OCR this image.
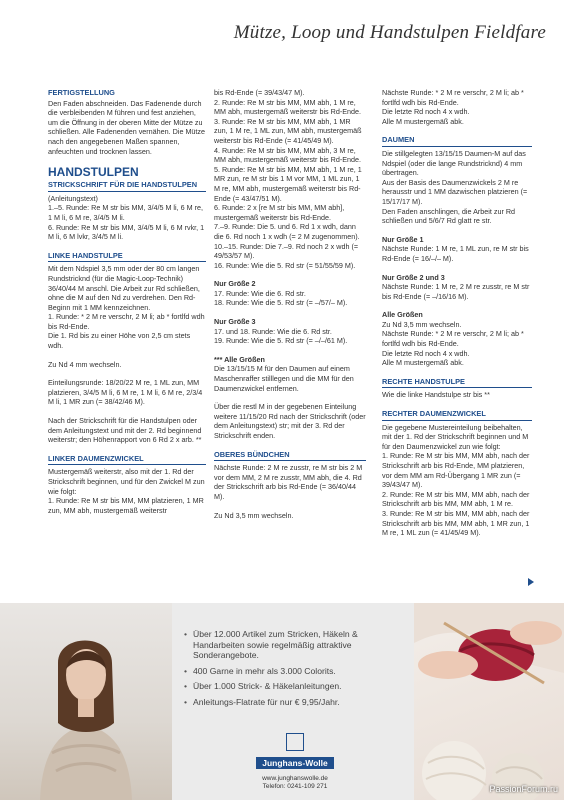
Mütze, Loop und Handstulpen Fieldfare
FERTIGSTELLUNG

Den Faden abschneiden. Das Fadenende durch die verbleibenden M führen und fest anziehen, um die Öffnung in der oberen Mitte der Mütze zu schließen. Alle Fadenenden vernähen. Die Mütze nach den angegebenen Maßen spannen, anfeuchten und trocknen lassen.

HANDSTULPEN
STRICKSCHRIFT FÜR DIE HANDSTULPEN

(Anleitungstext)

1.–5. Runde: Re M str bis MM, 3/4/5 M li, 6 M re, 1 M li, 6 M re, 3/4/5 M li.

6. Runde: Re M str bis MM, 3/4/5 M li, 6 M rvkr, 1 M li, 6 M lvkr, 3/4/5 M li.

LINKE HANDSTULPE

Mit dem Ndspiel 3,5 mm oder der 80 cm langen Rundstricknd (für die Magic-Loop-Technik) 36/40/44 M anschl. Die Arbeit zur Rd schließen, ohne die M auf den Nd zu verdrehen. Den Rd-Beginn mit 1 MM kennzeichnen.

1. Runde: * 2 M re verschr, 2 M li; ab * fortlfd wdh bis Rd-Ende.

Die 1. Rd bis zu einer Höhe von 2,5 cm stets wdh.

Zu Nd 4 mm wechseln.

Einteilungsrunde: 18/20/22 M re, 1 ML zun, MM platzieren, 3/4/5 M li, 6 M re, 1 M li, 6 M re, 2/3/4 M li, 1 MR zun (= 38/42/46 M).

Nach der Strickschrift für die Handstulpen oder dem Anleitungstext und mit der 2. Rd beginnend weiterstr; den Höhenrapport von 6 Rd 2 x arb. **

LINKER DAUMENZWICKEL

Mustergemäß weiterstr, also mit der 1. Rd der Strickschrift beginnen, und für den Zwickel M zun wie folgt:

1. Runde: Re M str bis MM, MM platzieren, 1 MR zun, MM abh, mustergemäß weiterstr

bis Rd-Ende (= 39/43/47 M).

2. Runde: Re M str bis MM, MM abh, 1 M re, MM abh, mustergemäß weiterstr bis Rd-Ende.

3. Runde: Re M str bis MM, MM abh, 1 MR zun, 1 M re, 1 ML zun, MM abh, mustergemäß weiterstr bis Rd-Ende (= 41/45/49 M).

4. Runde: Re M str bis MM, MM abh, 3 M re, MM abh, mustergemäß weiterstr bis Rd-Ende.

5. Runde: Re M str bis MM, MM abh, 1 M re, 1 MR zun, re M str bis 1 M vor MM, 1 ML zun, 1 M re, MM abh, mustergemäß weiterstr bis Rd-Ende (= 43/47/51 M).

6. Runde: 2 x [re M str bis MM, MM abh], mustergemäß weiterstr bis Rd-Ende.

7.–9. Runde: Die 5. und 6. Rd 1 x wdh, dann die 6. Rd noch 1 x wdh (= 2 M zugenommen).

10.–15. Runde: Die 7.–9. Rd noch 2 x wdh (= 49/53/57 M).

16. Runde: Wie die 5. Rd str (= 51/55/59 M).

Nur Größe 2

17. Runde: Wie die 6. Rd str.

18. Runde: Wie die 5. Rd str (= –/57/– M).

Nur Größe 3

17. und 18. Runde: Wie die 6. Rd str.

19. Runde: Wie die 5. Rd str (= –/–/61 M).

*** Alle Größen

Die 13/15/15 M für den Daumen auf einem Maschenraffer stilllegen und die MM für den Daumenzwickel entfernen.

Über die restl M in der gegebenen Einteilung weitere 11/15/20 Rd nach der Strickschrift (oder dem Anleitungstext) str; mit der 3. Rd der Strickschrift enden.

OBERES BÜNDCHEN

Nächste Runde: 2 M re zusstr, re M str bis 2 M vor dem MM, 2 M re zusstr, MM abh, die 4. Rd der Strickschrift arb bis Rd-Ende (= 36/40/44 M).

Zu Nd 3,5 mm wechseln.

Nächste Runde: * 2 M re verschr, 2 M li; ab * fortlfd wdh bis Rd-Ende.

Die letzte Rd noch 4 x wdh.

Alle M mustergemäß abk.

DAUMEN

Die stillgelegten 13/15/15 Daumen-M auf das Ndspiel (oder die lange Rundstricknd) 4 mm übertragen.

Aus der Basis des Daumenzwickels 2 M re herausstr und 1 MM dazwischen platzieren (= 15/17/17 M).

Den Faden anschlingen, die Arbeit zur Rd schließen und 5/6/7 Rd glatt re str.

Nur Größe 1

Nächste Runde: 1 M re, 1 ML zun, re M str bis Rd-Ende (= 16/–/– M).

Nur Größe 2 und 3

Nächste Runde: 1 M re, 2 M re zusstr, re M str bis Rd-Ende (= –/16/16 M).

Alle Größen

Zu Nd 3,5 mm wechseln.

Nächste Runde: * 2 M re verschr, 2 M li; ab * fortlfd wdh bis Rd-Ende.

Die letzte Rd noch 4 x wdh.

Alle M mustergemäß abk.

RECHTE HANDSTULPE

Wie die linke Handstulpe str bis **

RECHTER DAUMENZWICKEL

Die gegebene Mustereinteilung beibehalten, mit der 1. Rd der Strickschrift beginnen und M für den Daumenzwickel zun wie folgt:

1. Runde: Re M str bis MM, MM abh, nach der Strickschrift arb bis Rd-Ende, MM platzieren, vor dem MM am Rd-Übergang 1 MR zun (= 39/43/47 M).

2. Runde: Re M str bis MM, MM abh, nach der Strickschrift arb bis MM, MM abh, 1 M re.

3. Runde: Re M str bis MM, MM abh, nach der Strickschrift arb bis MM, MM abh, 1 MR zun, 1 M re, 1 ML zun (= 41/45/49 M).

• Über 12.000 Artikel zum Stricken, Häkeln & Handarbeiten sowie regelmäßig attraktive Sonderangebote.
• 400 Garne in mehr als 3.000 Colorits.
• Über 1.000 Strick- & Häkelanleitungen.
• Anleitungs-Flatrate für nur € 9,95/Jahr.
Junghans-Wolle
www.junghanswolle.de
Telefon: 0241-109 271	PassionForum.ru
